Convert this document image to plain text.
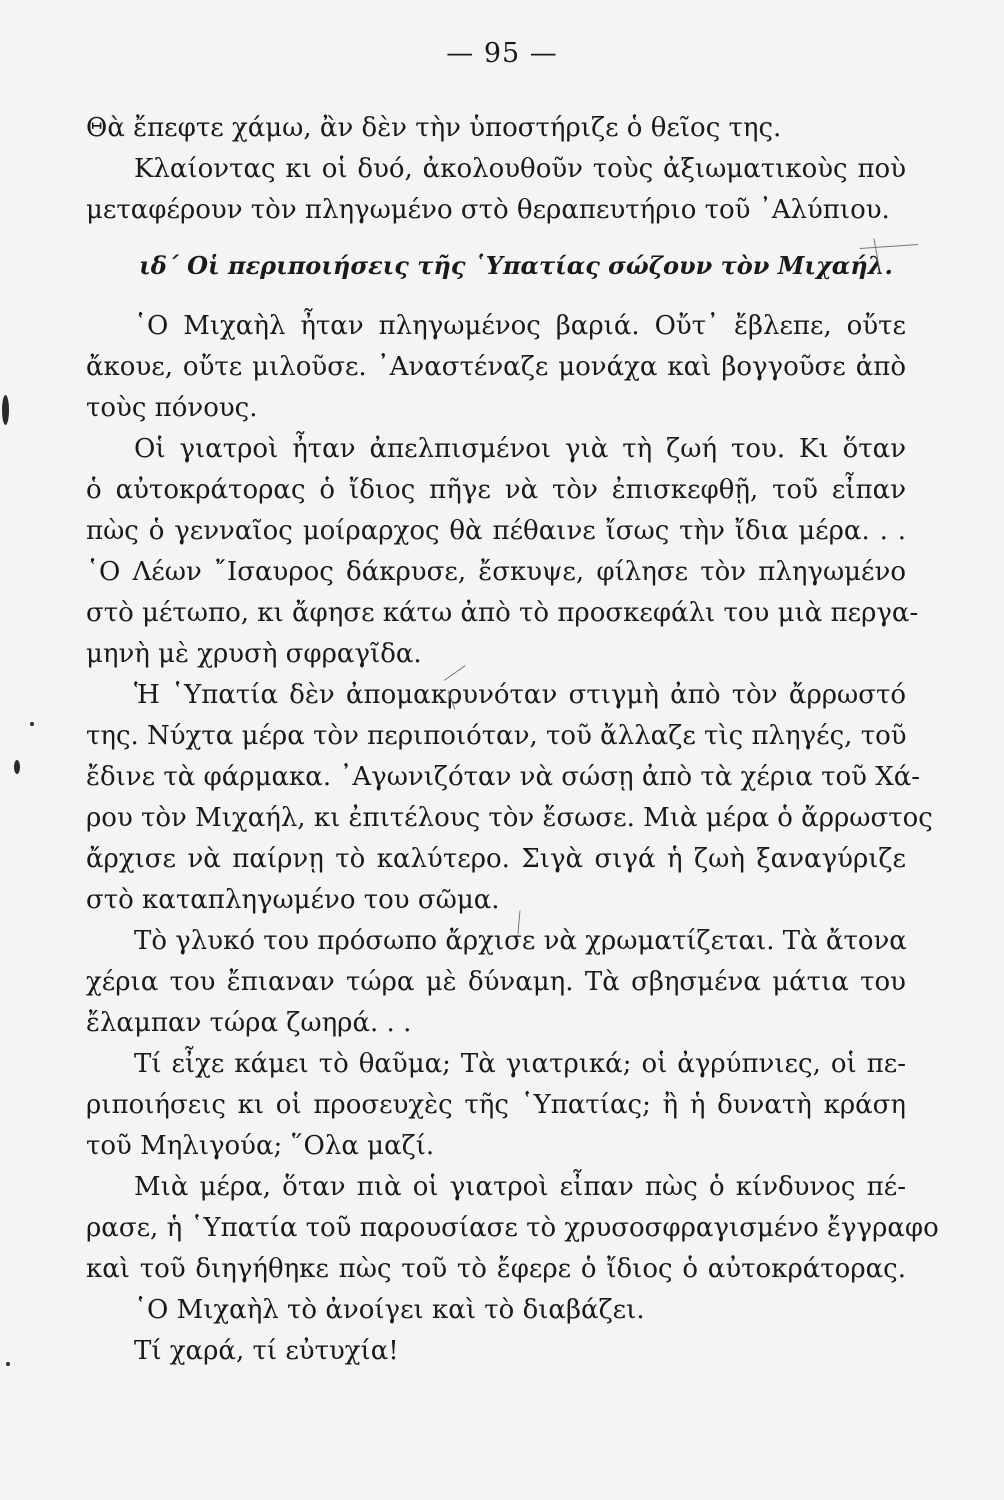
— 95 —
Θὰ ἔπεφτε χάμω, ἂν δὲν τὴν ὑποστήριζε ὁ θεῖος της.
Κλαίοντας κι οἱ δυό, ἀκολουθοῦν τοὺς ἀξιωματικοὺς ποὺ
μεταφέρουν τὸν πληγωμένο στὸ θεραπευτήριο τοῦ ᾿Αλύπιου.
ιδ΄ Οἱ περιποιήσεις τῆς ῾Υπατίας σώζουν τὸν Μιχαήλ.
῾Ο Μιχαὴλ ἦταν πληγωμένος βαριά. Οὔτ᾿ ἔβλεπε, οὔτε
ἄκουε, οὔτε μιλοῦσε. ᾿Αναστέναζε μονάχα καὶ βογγοῦσε ἀπὸ
τοὺς πόνους.
Οἱ γιατροὶ ἦταν ἀπελπισμένοι γιὰ τὴ ζωή του. Κι ὅταν
ὁ αὐτοκράτορας ὁ ἴδιος πῆγε νὰ τὸν ἐπισκεφθῇ, τοῦ εἶπαν
πὼς ὁ γενναῖος μοίραρχος θὰ πέθαινε ἴσως τὴν ἴδια μέρα. . .
῾Ο Λέων ῎Ισαυρος δάκρυσε, ἔσκυψε, φίλησε τὸν πληγωμένο
στὸ μέτωπο, κι ἄφησε κάτω ἀπὸ τὸ προσκεφάλι του μιὰ περγα-
μηνὴ μὲ χρυσὴ σφραγῖδα.
Ἡ ῾Υπατία δὲν ἀπομακρυνόταν στιγμὴ ἀπὸ τὸν ἄρρωστό
της. Νύχτα μέρα τὸν περιποιόταν, τοῦ ἄλλαζε τὶς πληγές, τοῦ
ἔδινε τὰ φάρμακα. ᾿Αγωνιζόταν νὰ σώσῃ ἀπὸ τὰ χέρια τοῦ Χά-
ρου τὸν Μιχαήλ, κι ἐπιτέλους τὸν ἔσωσε. Μιὰ μέρα ὁ ἄρρωστος
ἄρχισε νὰ παίρνῃ τὸ καλύτερο. Σιγὰ σιγά ἡ ζωὴ ξαναγύριζε
στὸ καταπληγωμένο του σῶμα.
Τὸ γλυκό του πρόσωπο ἄρχισε νὰ χρωματίζεται. Τὰ ἄτονα
χέρια του ἔπιαναν τώρα μὲ δύναμη. Τὰ σβησμένα μάτια του
ἔλαμπαν τώρα ζωηρά. . .
Τί εἶχε κάμει τὸ θαῦμα; Τὰ γιατρικά; οἱ ἀγρύπνιες, οἱ πε-
ριποιήσεις κι οἱ προσευχὲς τῆς ῾Υπατίας; ἢ ἡ δυνατὴ κράση
τοῦ Μηλιγούα; ῞Ολα μαζί.
Μιὰ μέρα, ὅταν πιὰ οἱ γιατροὶ εἶπαν πὼς ὁ κίνδυνος πέ-
ρασε, ἡ ῾Υπατία τοῦ παρουσίασε τὸ χρυσοσφραγισμένο ἔγγραφο
καὶ τοῦ διηγήθηκε πὼς τοῦ τὸ ἔφερε ὁ ἴδιος ὁ αὐτοκράτορας.
῾Ο Μιχαὴλ τὸ ἀνοίγει καὶ τὸ διαβάζει.
Τί χαρά, τί εὐτυχία!
